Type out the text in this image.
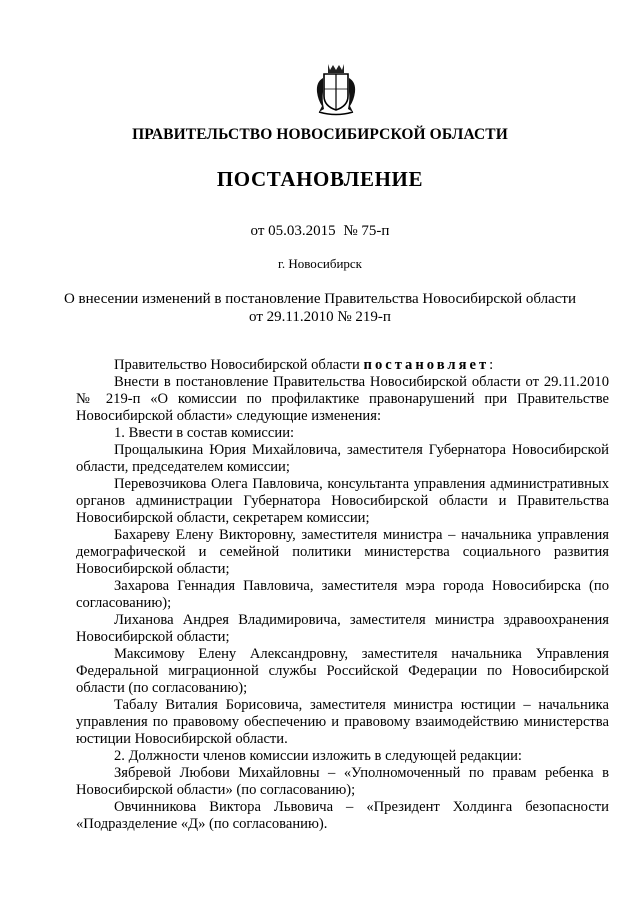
ПРАВИТЕЛЬСТВО НОВОСИБИРСКОЙ ОБЛАСТИ
ПОСТАНОВЛЕНИЕ
от 05.03.2015 № 75-п
г. Новосибирск
О внесении изменений в постановление Правительства Новосибирской области
от 29.11.2010 № 219-п

Правительство Новосибирской области постановляет:

Внести в постановление Правительства Новосибирской области от 29.11.2010 № 219-п «О комиссии по профилактике правонарушений при Правительстве Новосибирской области» следующие изменения:

1. Ввести в состав комиссии:

Прощалыкина Юрия Михайловича, заместителя Губернатора Новосибирской области, председателем комиссии;

Перевозчикова Олега Павловича, консультанта управления административных органов администрации Губернатора Новосибирской области и Правительства Новосибирской области, секретарем комиссии;

Бахареву Елену Викторовну, заместителя министра – начальника управления демографической и семейной политики министерства социального развития Новосибирской области;

Захарова Геннадия Павловича, заместителя мэра города Новосибирска (по согласованию);

Лиханова Андрея Владимировича, заместителя министра здравоохранения Новосибирской области;

Максимову Елену Александровну, заместителя начальника Управления Федеральной миграционной службы Российской Федерации по Новосибирской области (по согласованию);

Табалу Виталия Борисовича, заместителя министра юстиции – начальника управления по правовому обеспечению и правовому взаимодействию министерства юстиции Новосибирской области.

2. Должности членов комиссии изложить в следующей редакции:

Зябревой Любови Михайловны – «Уполномоченный по правам ребенка в Новосибирской области» (по согласованию);

Овчинникова Виктора Львовича – «Президент Холдинга безопасности «Подразделение «Д» (по согласованию).
